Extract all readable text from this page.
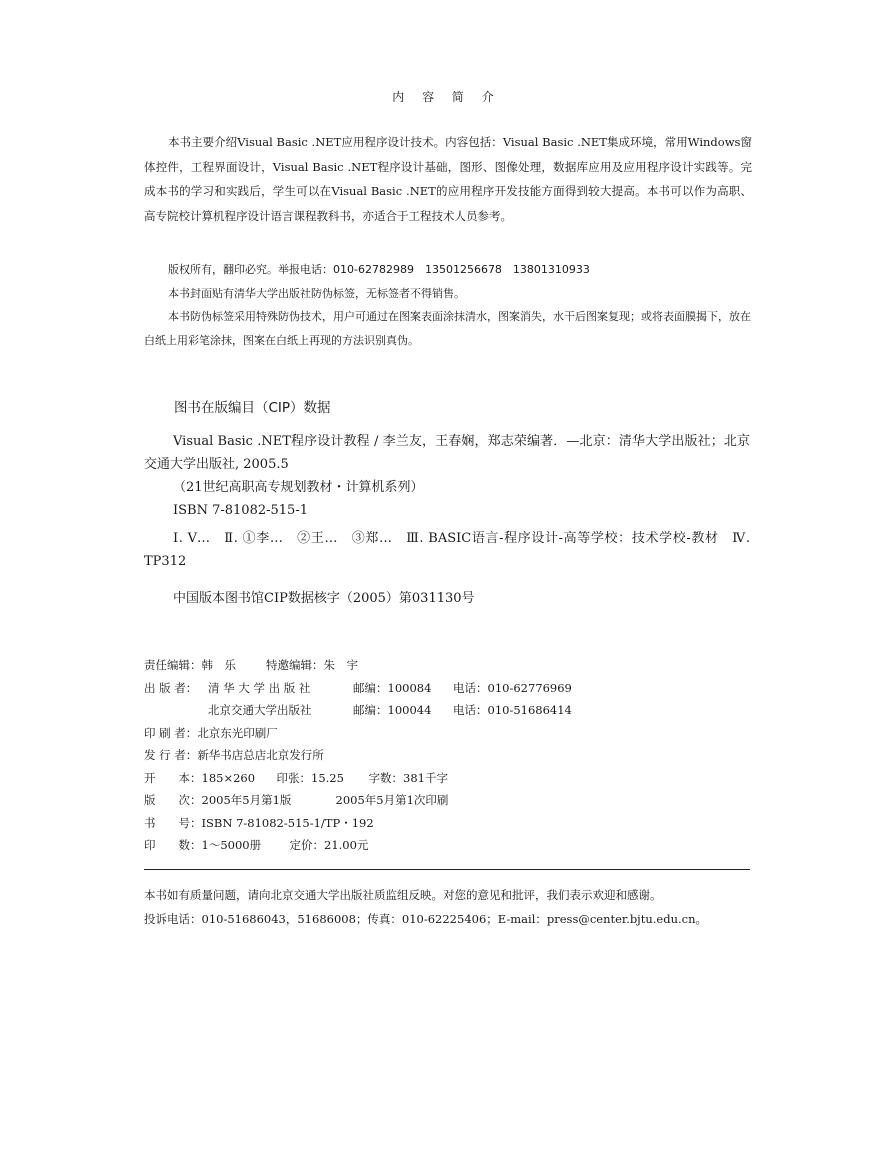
内 容 简 介

本书主要介绍Visual Basic .NET应用程序设计技术。内容包括：Visual Basic .NET集成环境，常用Windows窗体控件，工程界面设计，Visual Basic .NET程序设计基础，图形、图像处理，数据库应用及应用程序设计实践等。完成本书的学习和实践后，学生可以在Visual Basic .NET的应用程序开发技能方面得到较大提高。本书可以作为高职、高专院校计算机程序设计语言课程教科书，亦适合于工程技术人员参考。

版权所有，翻印必究。举报电话：010-62782989　13501256678　13801310933

本书封面贴有清华大学出版社防伪标签，无标签者不得销售。

本书防伪标签采用特殊防伪技术，用户可通过在图案表面涂抹清水，图案消失，水干后图案复现；或将表面膜揭下，放在白纸上用彩笔涂抹，图案在白纸上再现的方法识别真伪。

图书在版编目（CIP）数据

Visual Basic .NET程序设计教程 / 李兰友，王春娴，郑志荣编著．—北京：清华大学出版社；北京交通大学出版社, 2005.5

（21世纪高职高专规划教材・计算机系列）
ISBN 7-81082-515-1

Ⅰ. V…　Ⅱ. ①李…　②王…　③郑…　Ⅲ. BASIC语言-程序设计-高等学校：技术学校-教材　Ⅳ. TP312

中国版本图书馆CIP数据核字（2005）第031130号

责任编辑：韩　乐	特邀编辑：朱　宇
出 版 者： 清 华 大 学 出 版 社	邮编：100084 电话：010-62776969
北京交通大学出版社	邮编：100044 电话：010-51686414
印 刷 者：北京东光印刷厂
发 行 者：新华书店总店北京发行所
开　　本：185×260 印张：15.25 字数：381千字
版　　次：2005年5月第1版	2005年5月第1次印刷
书　　号：ISBN 7-81082-515-1/TP・192
印　　数：1～5000册 定价：21.00元

本书如有质量问题，请向北京交通大学出版社质监组反映。对您的意见和批评，我们表示欢迎和感谢。

投诉电话：010-51686043，51686008；传真：010-62225406；E-mail：press@center.bjtu.edu.cn。
